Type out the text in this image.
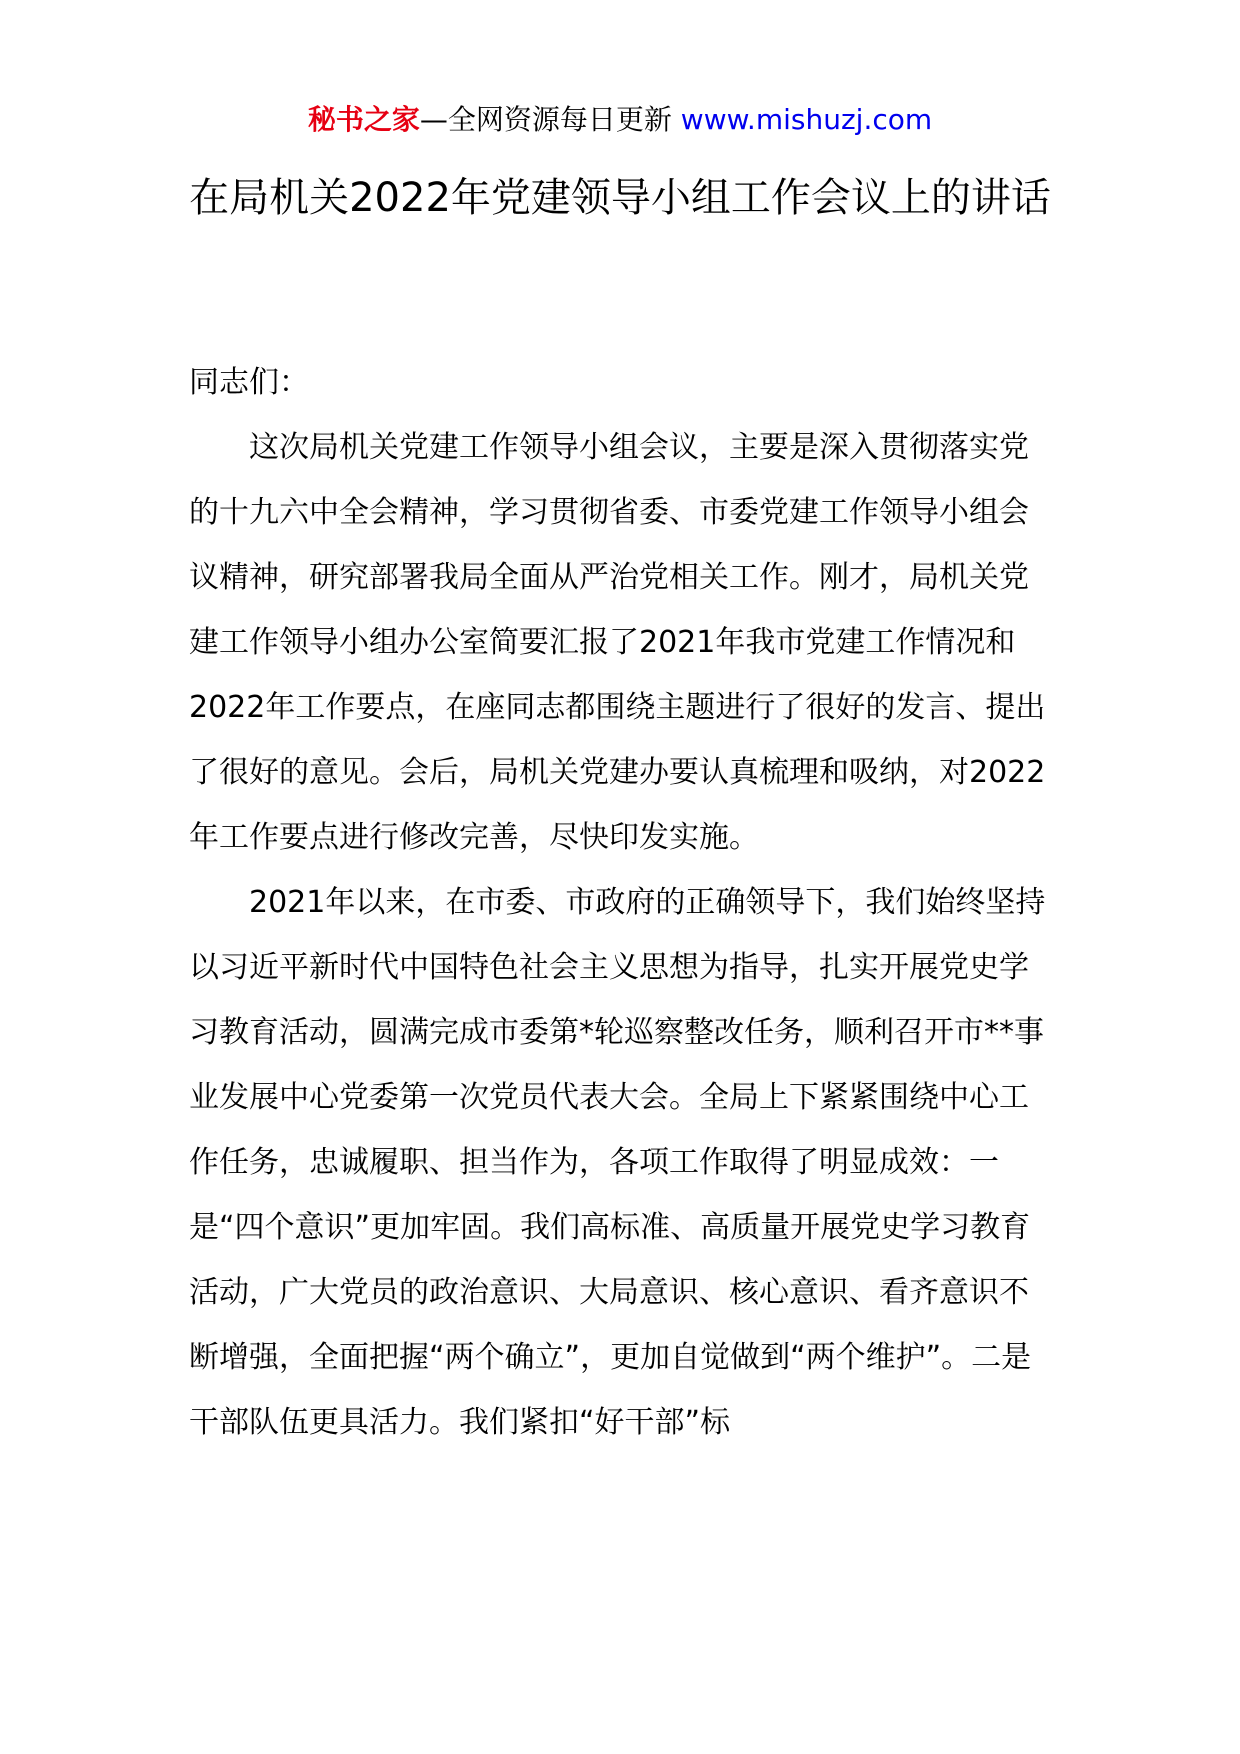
秘书之家—全网资源每日更新 www.mishuzj.com
在局机关2022年党建领导小组工作会议上的讲话

同志们：

这次局机关党建工作领导小组会议，主要是深入贯彻落实党的十九六中全会精神，学习贯彻省委、市委党建工作领导小组会议精神，研究部署我局全面从严治党相关工作。刚才，局机关党建工作领导小组办公室简要汇报了2021年我市党建工作情况和2022年工作要点，在座同志都围绕主题进行了很好的发言、提出了很好的意见。会后，局机关党建办要认真梳理和吸纳，对2022年工作要点进行修改完善，尽快印发实施。

2021年以来，在市委、市政府的正确领导下，我们始终坚持以习近平新时代中国特色社会主义思想为指导，扎实开展党史学习教育活动，圆满完成市委第*轮巡察整改任务，顺利召开市**事业发展中心党委第一次党员代表大会。全局上下紧紧围绕中心工作任务，忠诚履职、担当作为，各项工作取得了明显成效：一是“四个意识”更加牢固。我们高标准、高质量开展党史学习教育活动，广大党员的政治意识、大局意识、核心意识、看齐意识不断增强，全面把握“两个确立”，更加自觉做到“两个维护”。二是干部队伍更具活力。我们紧扣“好干部”标
